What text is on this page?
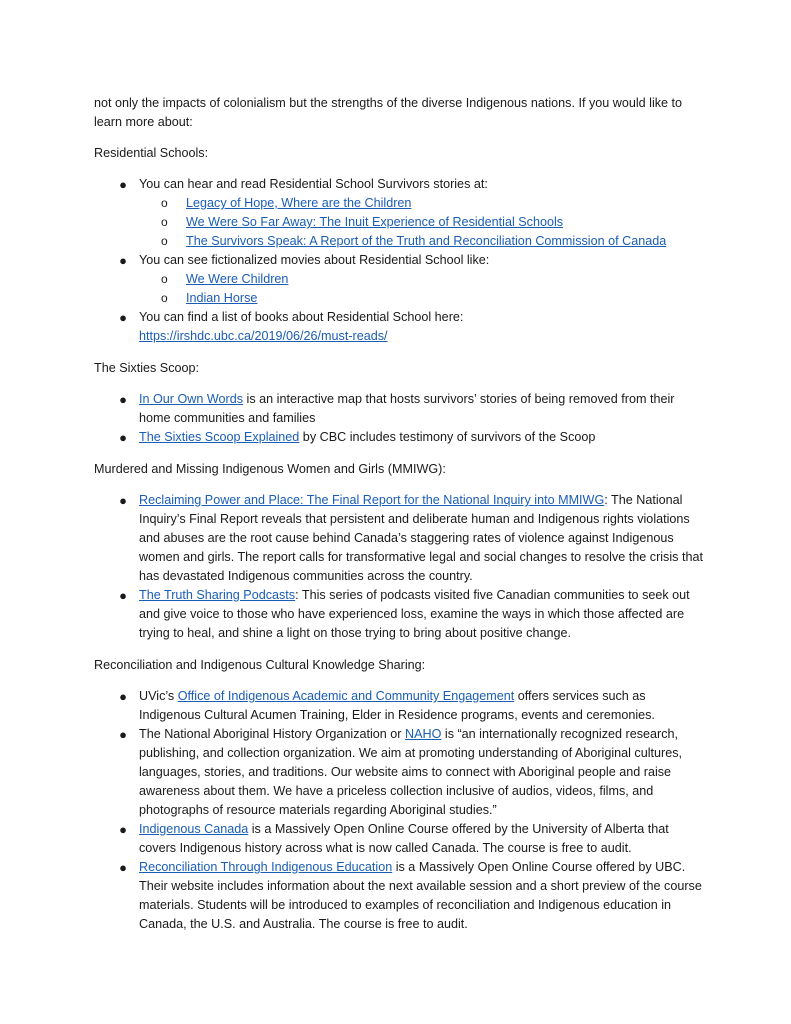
not only the impacts of colonialism but the strengths of the diverse Indigenous nations. If you would like to learn more about:

Residential Schools:

● You can hear and read Residential School Survivors stories at:
o Legacy of Hope, Where are the Children
o We Were So Far Away: The Inuit Experience of Residential Schools
o The Survivors Speak: A Report of the Truth and Reconciliation Commission of Canada
● You can see fictionalized movies about Residential School like:
o We Were Children
o Indian Horse
● You can find a list of books about Residential School here:
https://irshdc.ubc.ca/2019/06/26/must-reads/

The Sixties Scoop:

● In Our Own Words is an interactive map that hosts survivors’ stories of being removed from their home communities and families
● The Sixties Scoop Explained by CBC includes testimony of survivors of the Scoop

Murdered and Missing Indigenous Women and Girls (MMIWG):

● Reclaiming Power and Place: The Final Report for the National Inquiry into MMIWG: The National Inquiry’s Final Report reveals that persistent and deliberate human and Indigenous rights violations and abuses are the root cause behind Canada’s staggering rates of violence against Indigenous women and girls. The report calls for transformative legal and social changes to resolve the crisis that has devastated Indigenous communities across the country.
● The Truth Sharing Podcasts: This series of podcasts visited five Canadian communities to seek out and give voice to those who have experienced loss, examine the ways in which those affected are trying to heal, and shine a light on those trying to bring about positive change.

Reconciliation and Indigenous Cultural Knowledge Sharing:

● UVic’s Office of Indigenous Academic and Community Engagement offers services such as Indigenous Cultural Acumen Training, Elder in Residence programs, events and ceremonies.
● The National Aboriginal History Organization or NAHO is “an internationally recognized research, publishing, and collection organization. We aim at promoting understanding of Aboriginal cultures, languages, stories, and traditions. Our website aims to connect with Aboriginal people and raise awareness about them. We have a priceless collection inclusive of audios, videos, films, and photographs of resource materials regarding Aboriginal studies.”
● Indigenous Canada is a Massively Open Online Course offered by the University of Alberta that covers Indigenous history across what is now called Canada. The course is free to audit.
● Reconciliation Through Indigenous Education is a Massively Open Online Course offered by UBC. Their website includes information about the next available session and a short preview of the course materials. Students will be introduced to examples of reconciliation and Indigenous education in Canada, the U.S. and Australia. The course is free to audit.
